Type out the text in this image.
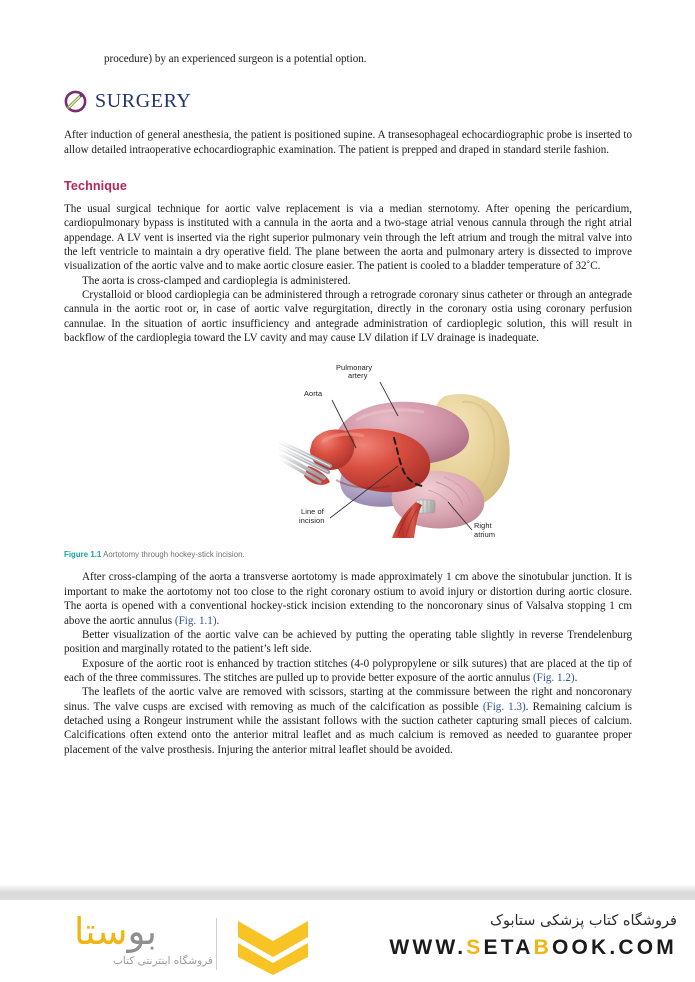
procedure) by an experienced surgeon is a potential option.

SURGERY

After induction of general anesthesia, the patient is positioned supine. A transesophageal echocardiographic probe is inserted to allow detailed intraoperative echocardiographic examination. The patient is prepped and draped in standard sterile fashion.

Technique

The usual surgical technique for aortic valve replacement is via a median sternotomy. After opening the pericardium, cardiopulmonary bypass is instituted with a cannula in the aorta and a two-stage atrial venous cannula through the right atrial appendage. A LV vent is inserted via the right superior pulmonary vein through the left atrium and trough the mitral valve into the left ventricle to maintain a dry operative field. The plane between the aorta and pulmonary artery is dissected to improve visualization of the aortic valve and to make aortic closure easier. The patient is cooled to a bladder temperature of 32˚C.

The aorta is cross-clamped and cardioplegia is administered.

Crystalloid or blood cardioplegia can be administered through a retrograde coronary sinus catheter or through an antegrade cannula in the aortic root or, in case of aortic valve regurgitation, directly in the coronary ostia using coronary perfusion cannulae. In the situation of aortic insufficiency and antegrade administration of cardioplegic solution, this will result in backflow of the cardioplegia toward the LV cavity and may cause LV dilation if LV drainage is inadequate.

Pulmonary
artery
Aorta
Line of
incision
Right
atrium
Figure 1.1 Aortotomy through hockey-stick incision.

After cross-clamping of the aorta a transverse aortotomy is made approximately 1 cm above the sinotubular junction. It is important to make the aortotomy not too close to the right coronary ostium to avoid injury or distortion during aortic closure. The aorta is opened with a conventional hockey-stick incision extending to the noncoronary sinus of Valsalva stopping 1 cm above the aortic annulus (Fig. 1.1).

Better visualization of the aortic valve can be achieved by putting the operating table slightly in reverse Trendelenburg position and marginally rotated to the patient’s left side.

Exposure of the aortic root is enhanced by traction stitches (4-0 polypropylene or silk sutures) that are placed at the tip of each of the three commissures. The stitches are pulled up to provide better exposure of the aortic annulus (Fig. 1.2).

The leaflets of the aortic valve are removed with scissors, starting at the commissure between the right and noncoronary sinus. The valve cusps are excised with removing as much of the calcification as possible (Fig. 1.3). Remaining calcium is detached using a Rongeur instrument while the assistant follows with the suction catheter capturing small pieces of calcium. Calcifications often extend onto the anterior mitral leaflet and as much calcium is removed as needed to guarantee proper placement of the valve prosthesis. Injuring the anterior mitral leaflet should be avoided.

بوستا
فروشگاه اینترنتی کتاب
فروشگاه کتاب پزشکی ستابوک
WWW.SETABOOK.COM
